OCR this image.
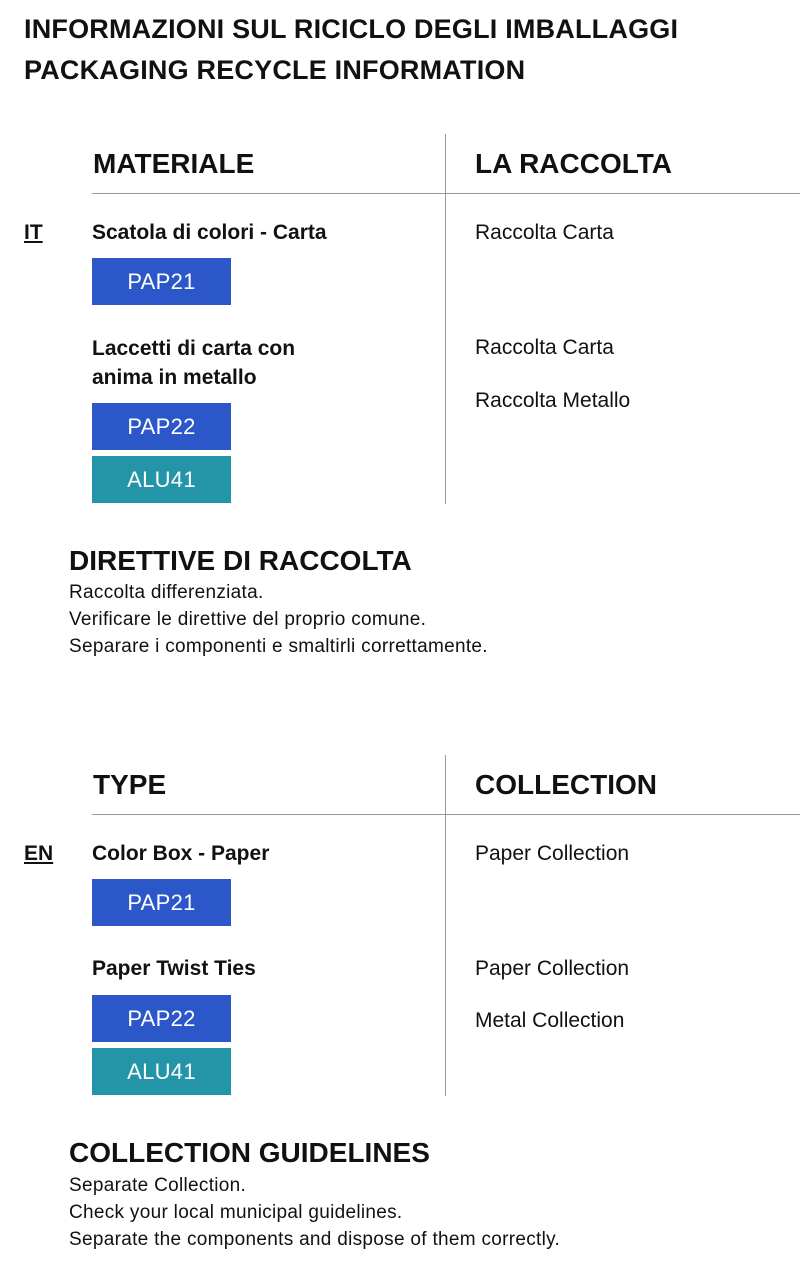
INFORMAZIONI SUL RICICLO DEGLI IMBALLAGGI
PACKAGING RECYCLE INFORMATION
MATERIALE	LA RACCOLTA
IT Scatola di colori - Carta
PAP21
Raccolta Carta
Laccetti di carta con
anima in metallo
PAP22
ALU41
Raccolta Carta
Raccolta Metallo
DIRETTIVE DI RACCOLTA
Raccolta differenziata.
Verificare le direttive del proprio comune.
Separare i componenti e smaltirli correttamente.
TYPE	COLLECTION
EN Color Box - Paper
PAP21
Paper Collection
Paper Twist Ties
PAP22
ALU41
Paper Collection
Metal Collection
COLLECTION GUIDELINES
Separate Collection.
Check your local municipal guidelines.
Separate the components and dispose of them correctly.
